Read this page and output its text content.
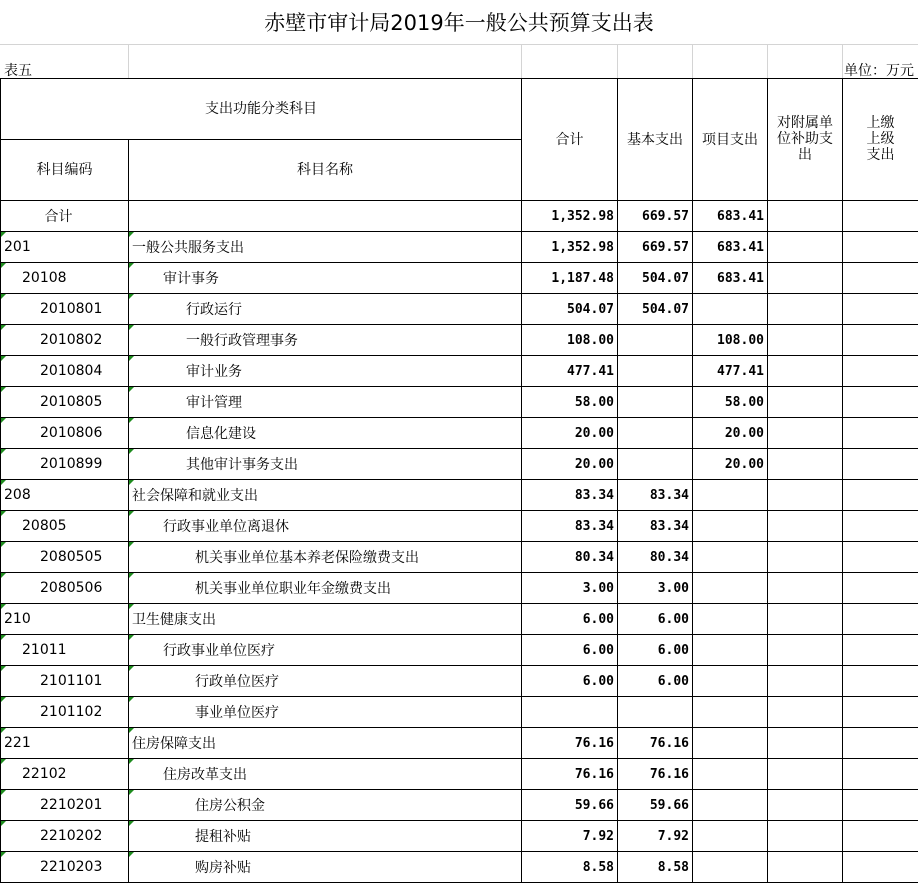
赤壁市审计局2019年一般公共预算支出表
表五	单位：万元
支出功能分类科目		合计	基本支出	项目支出	对附属单位补助支出	上缴上级支出
科目编码	科目名称					
合计		1,352.98	669.57	683.41		
201	一般公共服务支出	1,352.98	669.57	683.41		
20108	审计事务	1,187.48	504.07	683.41		
2010801	行政运行	504.07	504.07			
2010802	一般行政管理事务	108.00		108.00		
2010804	审计业务	477.41		477.41		
2010805	审计管理	58.00		58.00		
2010806	信息化建设	20.00		20.00		
2010899	其他审计事务支出	20.00		20.00		
208	社会保障和就业支出	83.34	83.34			
20805	行政事业单位离退休	83.34	83.34			
2080505	机关事业单位基本养老保险缴费支出	80.34	80.34			
2080506	机关事业单位职业年金缴费支出	3.00	3.00			
210	卫生健康支出	6.00	6.00			
21011	行政事业单位医疗	6.00	6.00			
2101101	行政单位医疗	6.00	6.00			
2101102	事业单位医疗

221	住房保障支出	76.16	76.16			
22102	住房改革支出	76.16	76.16			
2210201	住房公积金	59.66	59.66			
2210202	提租补贴	7.92	7.92			
2210203	购房补贴	8.58	8.58			
